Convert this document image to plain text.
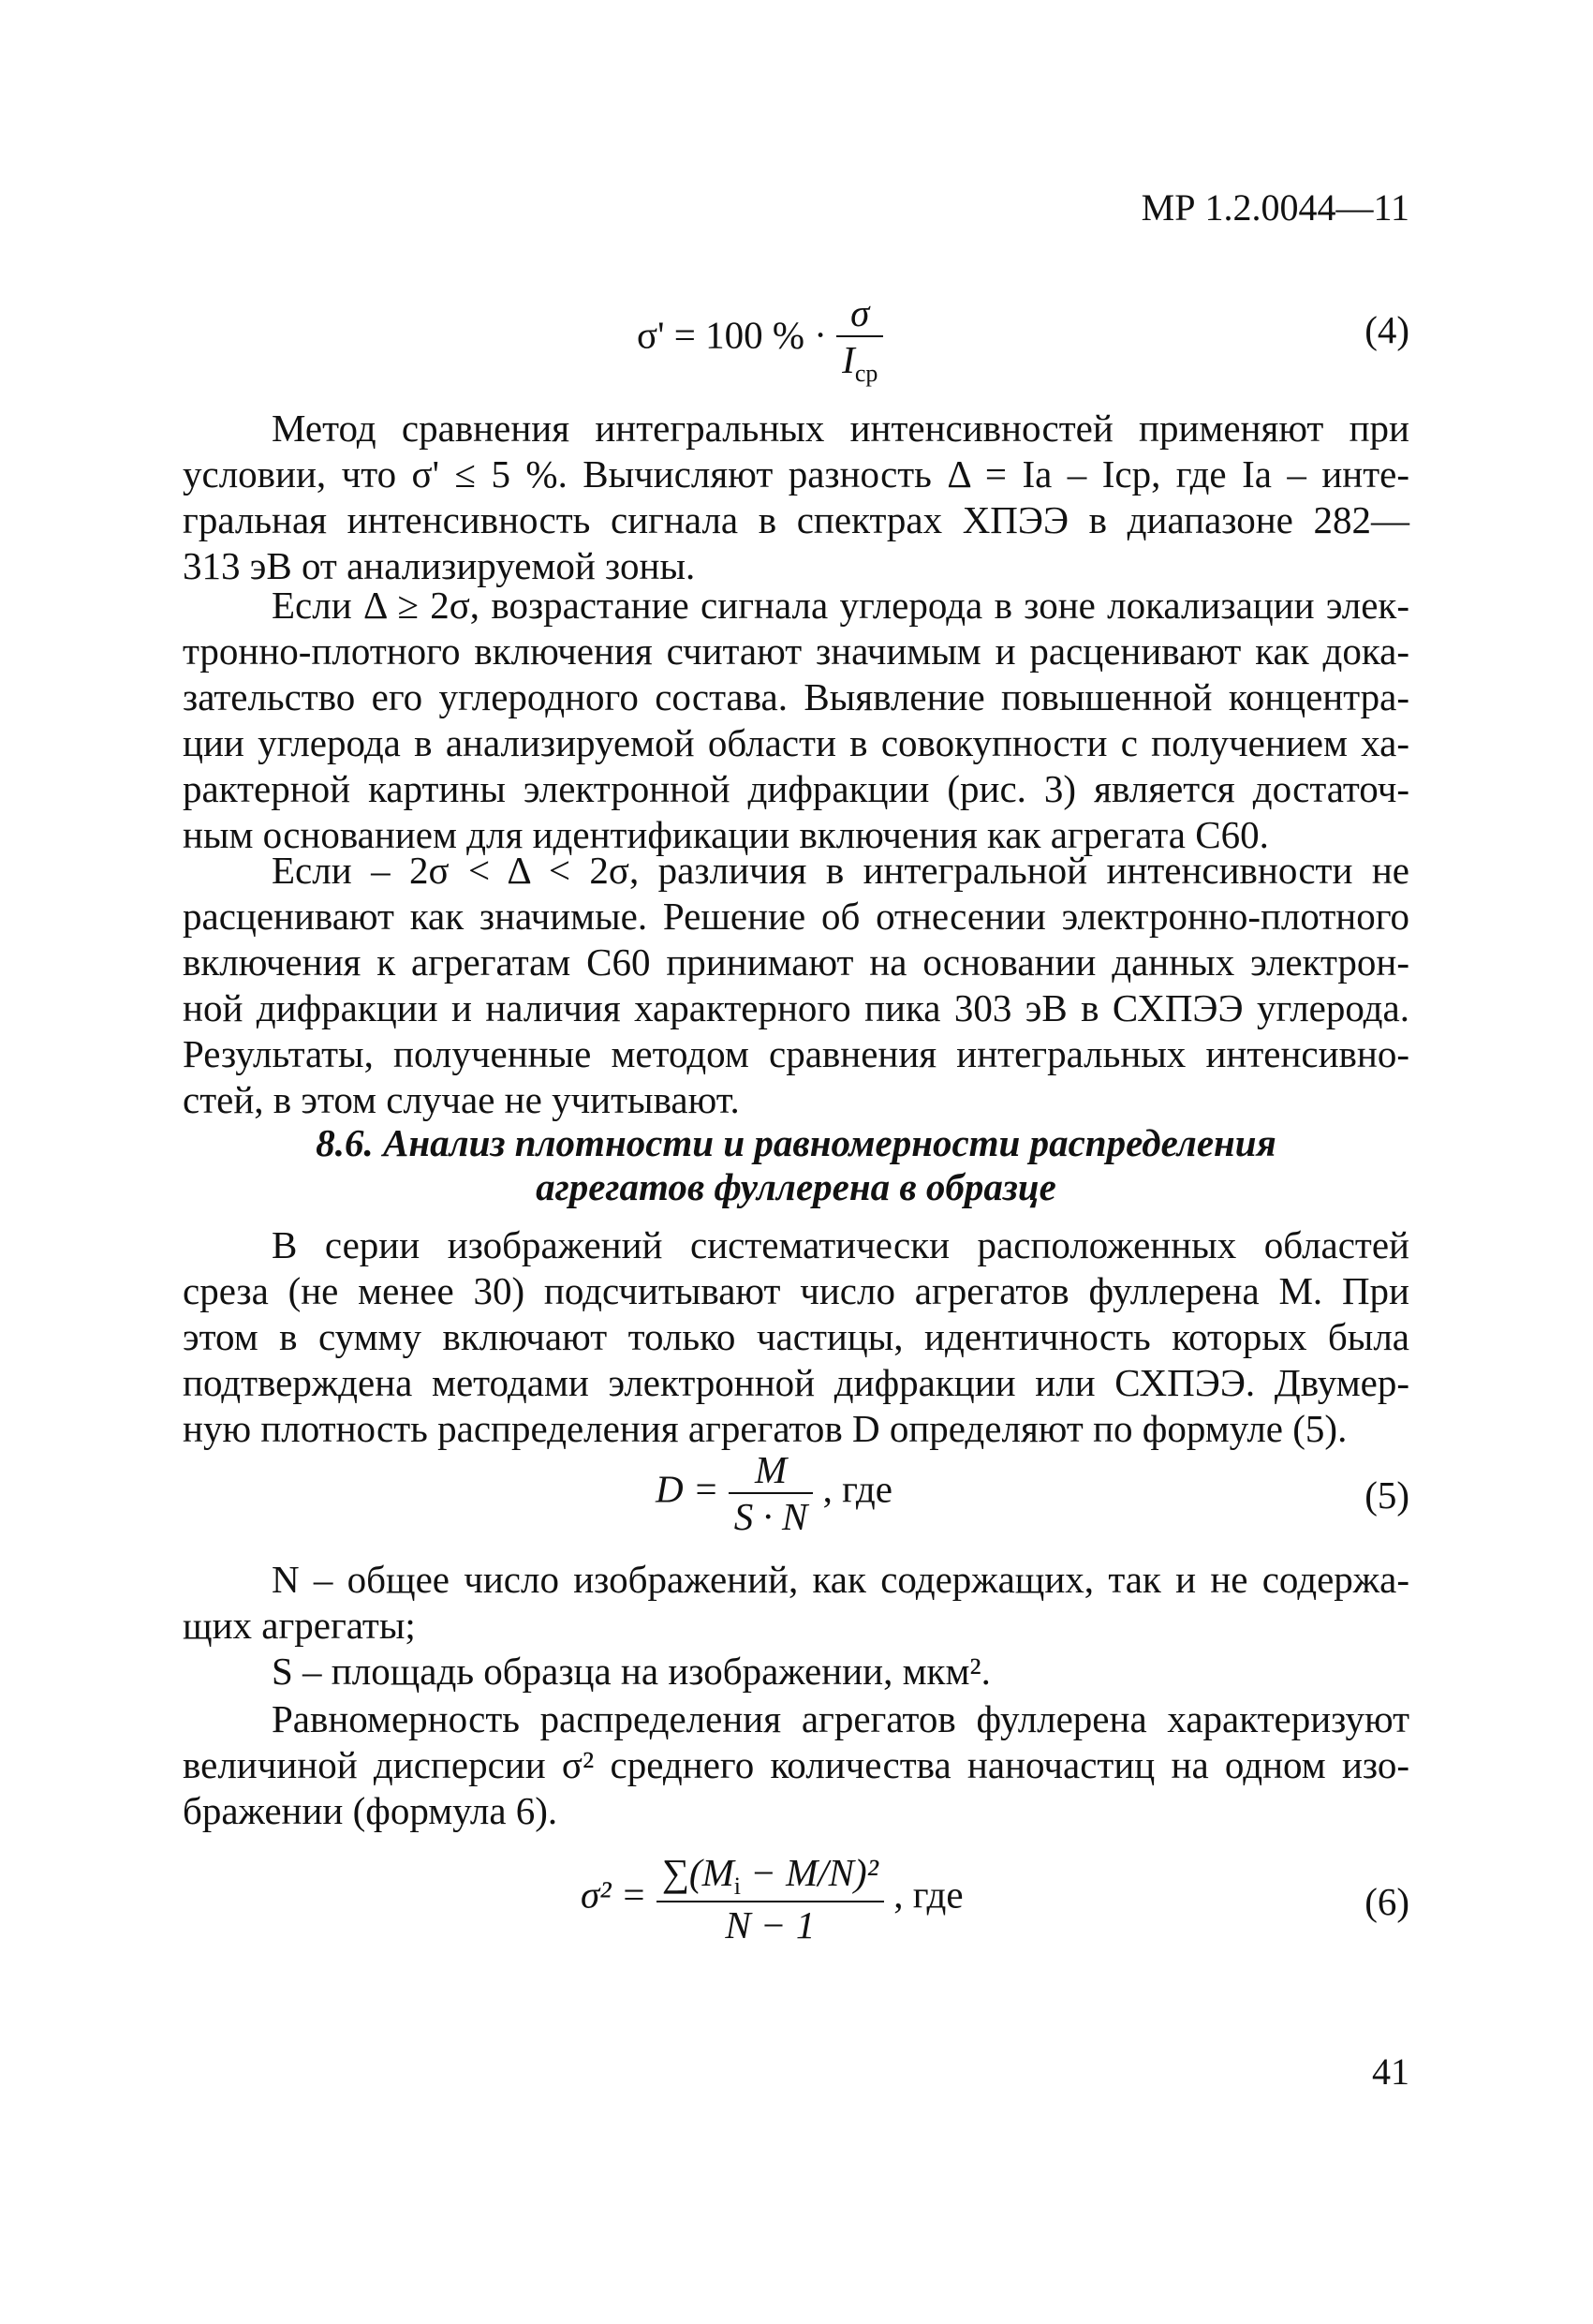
МР 1.2.0044—11
σ' = 100 % · $\frac{\sigma}{I_{ср}}$	(4)
Метод сравнения интегральных интенсивностей применяют при
условии, что σ' ≤ 5 %. Вычисляют разность Δ = Iа – Iср, где Iа – инте-
гральная интенсивность сигнала в спектрах ХПЭЭ в диапазоне 282—
313 эВ от анализируемой зоны.
Если Δ ≥ 2σ, возрастание сигнала углерода в зоне локализации элек-
тронно-плотного включения считают значимым и расценивают как дока-
зательство его углеродного состава. Выявление повышенной концентра-
ции углерода в анализируемой области в совокупности с получением ха-
рактерной картины электронной дифракции (рис. 3) является достаточ-
ным основанием для идентификации включения как агрегата С60.
Если – 2σ < Δ < 2σ, различия в интегральной интенсивности не
расценивают как значимые. Решение об отнесении электронно-плотного
включения к агрегатам С60 принимают на основании данных электрон-
ной дифракции и наличия характерного пика 303 эВ в СХПЭЭ углерода.
Результаты, полученные методом сравнения интегральных интенсивно-
стей, в этом случае не учитывают.
8.6. Анализ плотности и равномерности распределения
агрегатов фуллерена в образце
В серии изображений систематически расположенных областей
среза (не менее 30) подсчитывают число агрегатов фуллерена M. При
этом в сумму включают только частицы, идентичность которых была
подтверждена методами электронной дифракции или СХПЭЭ. Двумер-
ную плотность распределения агрегатов D определяют по формуле (5).
$D = \frac{M}{S \cdot N}$ , где	(5)
N – общее число изображений, как содержащих, так и не содержа-
щих агрегаты;
S – площадь образца на изображении, мкм².
Равномерность распределения агрегатов фуллерена характеризуют
величиной дисперсии σ² среднего количества наночастиц на одном изо-
бражении (формула 6).
$\sigma^2 = \frac{\sum(M_i - M/N)^2}{N - 1}$ , где	(6)
41
